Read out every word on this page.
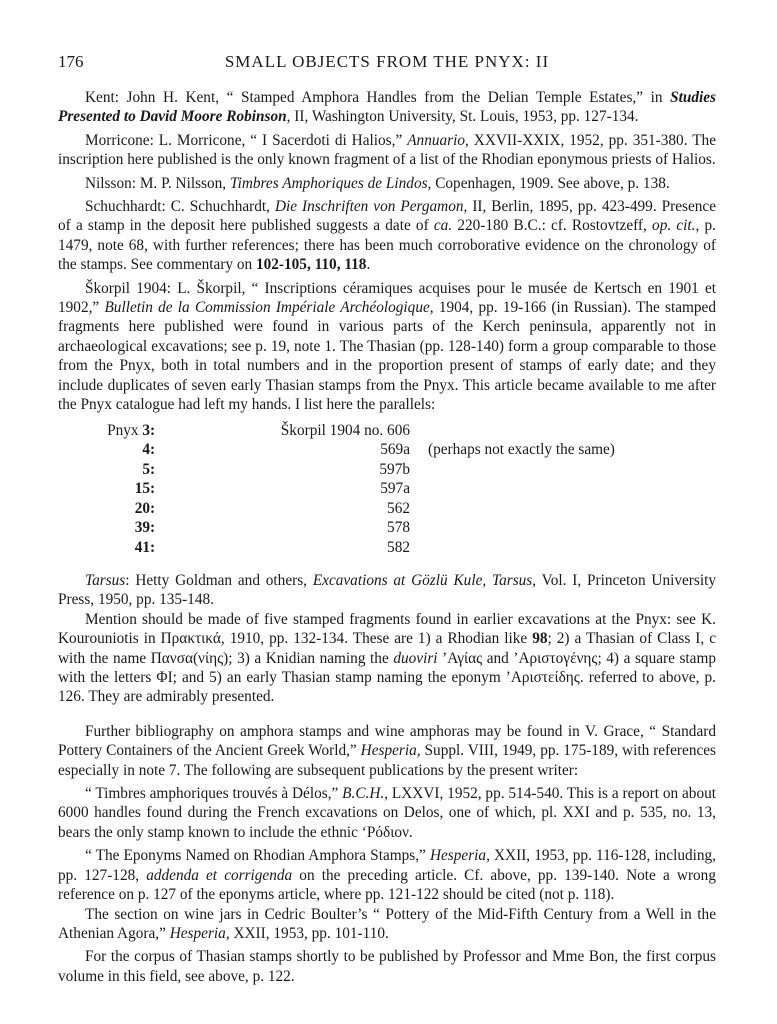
176	SMALL OBJECTS FROM THE PNYX: II

Kent: John H. Kent, “ Stamped Amphora Handles from the Delian Temple Estates,” in Studies Presented to David Moore Robinson, II, Washington University, St. Louis, 1953, pp. 127-134.

Morricone: L. Morricone, “ I Sacerdoti di Halios,” Annuario, XXVII-XXIX, 1952, pp. 351-380. The inscription here published is the only known fragment of a list of the Rhodian eponymous priests of Halios.

Nilsson: M. P. Nilsson, Timbres Amphoriques de Lindos, Copenhagen, 1909. See above, p. 138.

Schuchhardt: C. Schuchhardt, Die Inschriften von Pergamon, II, Berlin, 1895, pp. 423-499. Presence of a stamp in the deposit here published suggests a date of ca. 220-180 B.C.: cf. Rostovtzeff, op. cit., p. 1479, note 68, with further references; there has been much corroborative evidence on the chronology of the stamps. See commentary on 102-105, 110, 118.

Škorpil 1904: L. Škorpil, “ Inscriptions céramiques acquises pour le musée de Kertsch en 1901 et 1902,” Bulletin de la Commission Impériale Archéologique, 1904, pp. 19-166 (in Russian). The stamped fragments here published were found in various parts of the Kerch peninsula, apparently not in archaeological excavations; see p. 19, note 1. The Thasian (pp. 128-140) form a group comparable to those from the Pnyx, both in total numbers and in the proportion present of stamps of early date; and they include duplicates of seven early Thasian stamps from the Pnyx. This article became available to me after the Pnyx catalogue had left my hands. I list here the parallels:

Pnyx 3 :	Škorpil 1904 no. 606
4 :	569a	(perhaps not exactly the same)
5 :	597b
15 :	597a
20 :	562
39 :	578
41 :	582

Tarsus: Hetty Goldman and others, Excavations at Gözlü Kule, Tarsus, Vol. I, Princeton University Press, 1950, pp. 135-148.

Mention should be made of five stamped fragments found in earlier excavations at the Pnyx: see K. Kourouniotis in Πρακτικά, 1910, pp. 132-134. These are 1) a Rhodian like 98; 2) a Thasian of Class I, c with the name Πανσα(νίης); 3) a Knidian naming the duoviri ’Αγίας and ’Αριστογένης; 4) a square stamp with the letters ΦΙ; and 5) an early Thasian stamp naming the eponym ’Αριστείδης. referred to above, p. 126. They are admirably presented.

Further bibliography on amphora stamps and wine amphoras may be found in V. Grace, “ Standard Pottery Containers of the Ancient Greek World,” Hesperia, Suppl. VIII, 1949, pp. 175-189, with references especially in note 7. The following are subsequent publications by the present writer:

“ Timbres amphoriques trouvés à Délos,” B.C.H., LXXVI, 1952, pp. 514-540. This is a report on about 6000 handles found during the French excavations on Delos, one of which, pl. XXI and p. 535, no. 13, bears the only stamp known to include the ethnic ‘Ρόδιον.

“ The Eponyms Named on Rhodian Amphora Stamps,” Hesperia, XXII, 1953, pp. 116-128, including, pp. 127-128, addenda et corrigenda on the preceding article. Cf. above, pp. 139-140. Note a wrong reference on p. 127 of the eponyms article, where pp. 121-122 should be cited (not p. 118).

The section on wine jars in Cedric Boulter’s “ Pottery of the Mid-Fifth Century from a Well in the Athenian Agora,” Hesperia, XXII, 1953, pp. 101-110.

For the corpus of Thasian stamps shortly to be published by Professor and Mme Bon, the first corpus volume in this field, see above, p. 122.
